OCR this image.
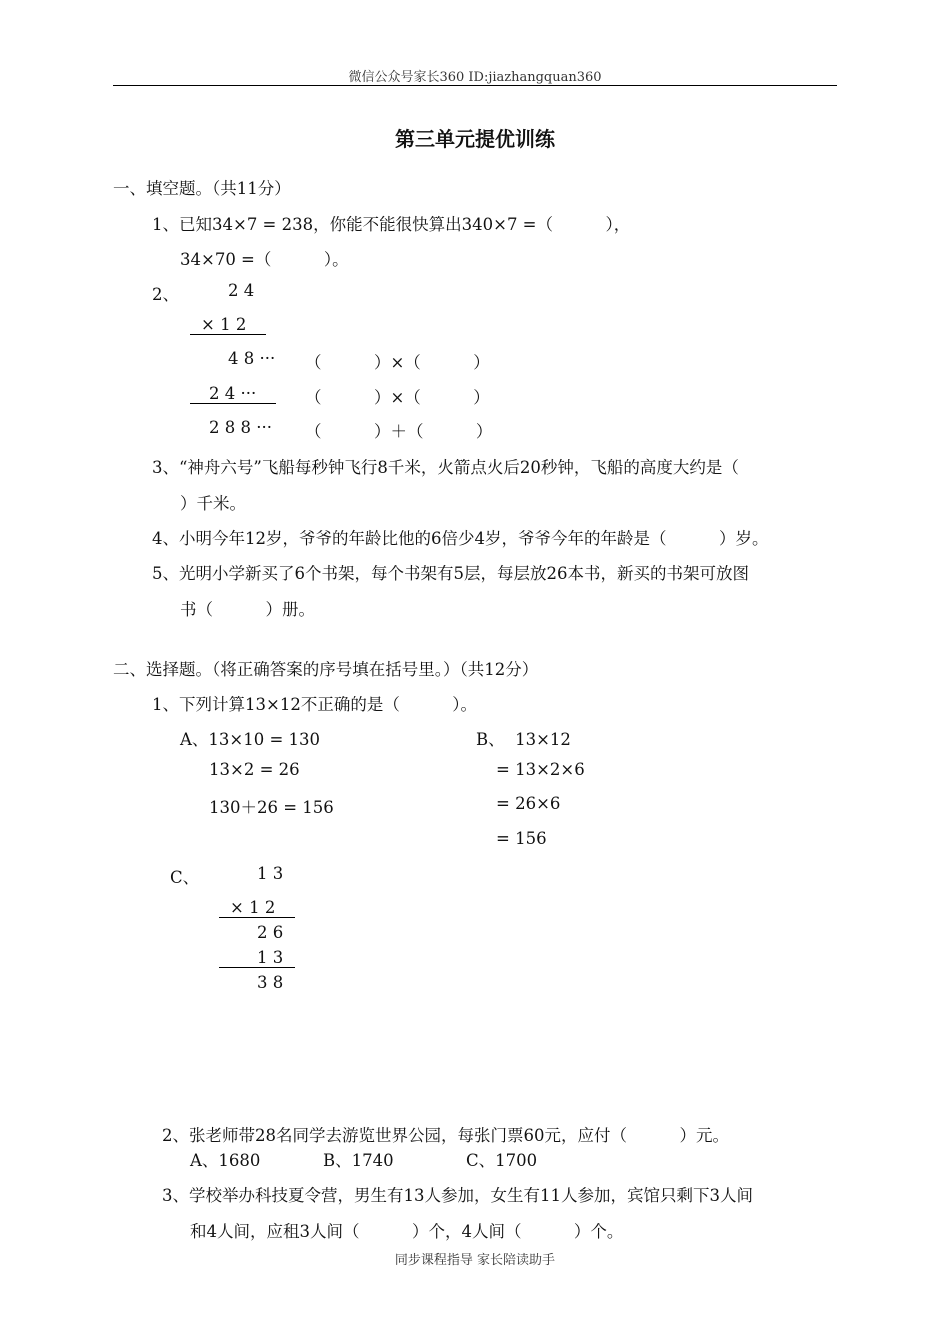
微信公众号家长360 ID:jiazhangquan360
第三单元提优训练
一、填空题。（共11分）
1、已知34×7 = 238，你能不能很快算出340×7 =（          ），
34×70 =（          ）。
2、	2 4
× 1 2
4 8 ··· （          ）×（          ）
2 4 ···	（          ）×（          ）
2 8 8 ··· （          ）＋（          ）
3、“神舟六号”飞船每秒钟飞行8千米，火箭点火后20秒钟，飞船的高度大约是（
）千米。
4、小明今年12岁，爷爷的年龄比他的6倍少4岁，爷爷今年的年龄是（          ）岁。
5、光明小学新买了6个书架，每个书架有5层，每层放26本书，新买的书架可放图
书（          ）册。
二、选择题。（将正确答案的序号填在括号里。）（共12分）
1、下列计算13×12不正确的是（          ）。
A、13×10 = 130
13×2 = 26
130＋26 = 156
B、  13×12
= 13×2×6
= 26×6
= 156
C、	1 3
× 1 2
2 6
1 3
3 8
2、张老师带28名同学去游览世界公园，每张门票60元，应付（          ）元。
A、1680	B、1740	C、1700
3、学校举办科技夏令营，男生有13人参加，女生有11人参加，宾馆只剩下3人间
和4人间，应租3人间（          ）个，4人间（          ）个。
同步课程指导 家长陪读助手
